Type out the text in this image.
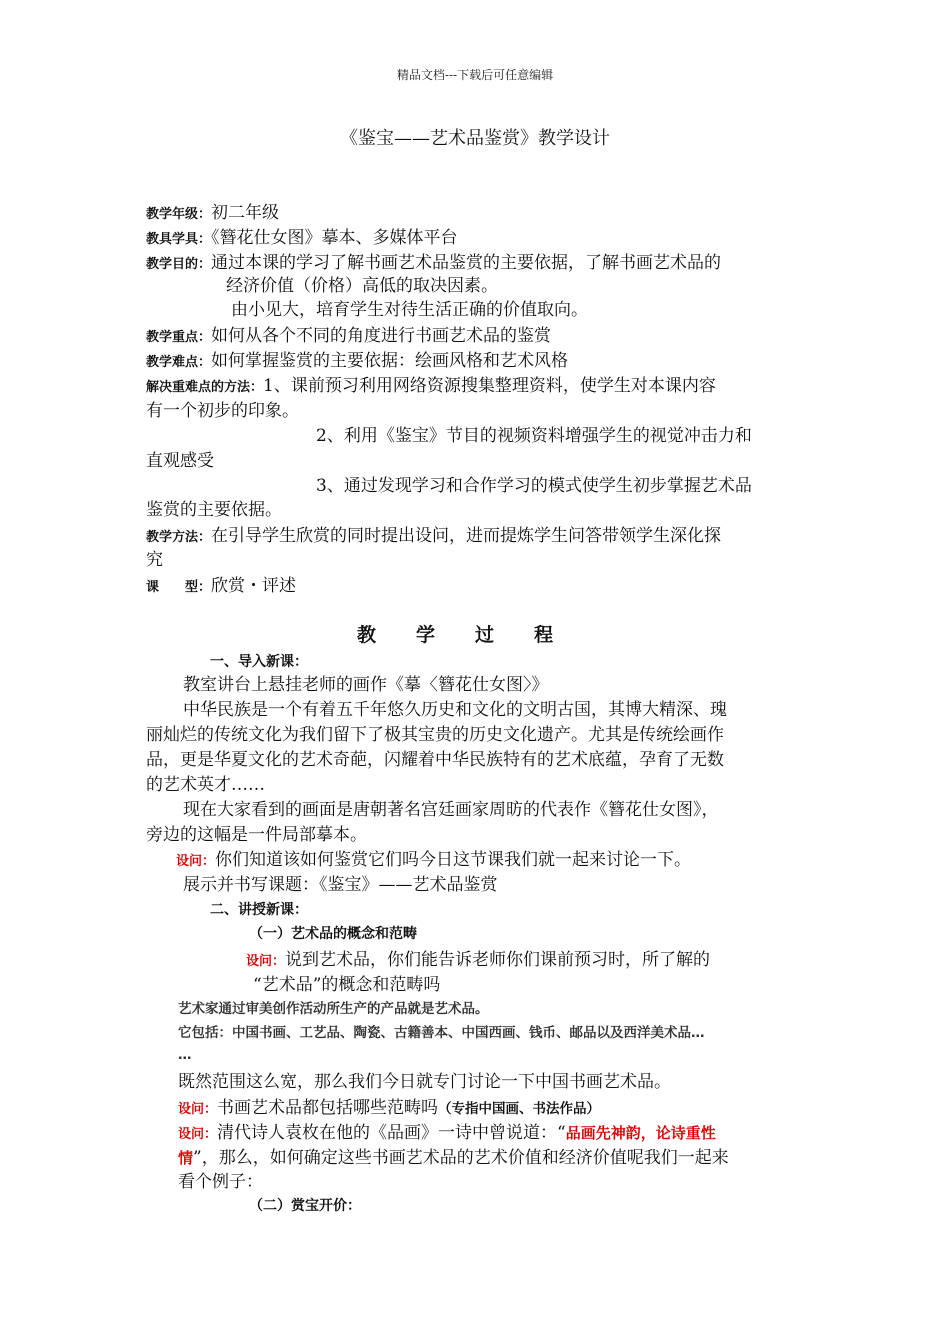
精品文档---下载后可任意编辑
《鉴宝——艺术品鉴赏》教学设计
教学年级：初二年级
教具学具：《簪花仕女图》摹本、多媒体平台
教学目的：通过本课的学习了解书画艺术品鉴赏的主要依据，了解书画艺术品的
经济价值（价格）高低的取决因素。
由小见大，培育学生对待生活正确的价值取向。
教学重点：如何从各个不同的角度进行书画艺术品的鉴赏
教学难点：如何掌握鉴赏的主要依据：绘画风格和艺术风格
解决重难点的方法：1、课前预习利用网络资源搜集整理资料，使学生对本课内容
有一个初步的印象。
2、利用《鉴宝》节目的视频资料增强学生的视觉冲击力和
直观感受
3、通过发现学习和合作学习的模式使学生初步掌握艺术品
鉴赏的主要依据。
教学方法：在引导学生欣赏的同时提出设问，进而提炼学生问答带领学生深化探
究
课　　型：欣赏・评述
教学过程
一、导入新课：
教室讲台上悬挂老师的画作《摹〈簪花仕女图〉》
中华民族是一个有着五千年悠久历史和文化的文明古国，其博大精深、瑰
丽灿烂的传统文化为我们留下了极其宝贵的历史文化遗产。尤其是传统绘画作
品，更是华夏文化的艺术奇葩，闪耀着中华民族特有的艺术底蕴，孕育了无数
的艺术英才……
现在大家看到的画面是唐朝著名宫廷画家周昉的代表作《簪花仕女图》，
旁边的这幅是一件局部摹本。
设问：你们知道该如何鉴赏它们吗今日这节课我们就一起来讨论一下。
展示并书写课题：《鉴宝》——艺术品鉴赏
二、讲授新课：
（一）艺术品的概念和范畴
设问：说到艺术品，你们能告诉老师你们课前预习时，所了解的
“艺术品”的概念和范畴吗
艺术家通过审美创作活动所生产的产品就是艺术品。
它包括：中国书画、工艺品、陶瓷、古籍善本、中国西画、钱币、邮品以及西洋美术品…
…
既然范围这么宽，那么我们今日就专门讨论一下中国书画艺术品。
设问：书画艺术品都包括哪些范畴吗（专指中国画、书法作品）
设问：清代诗人袁枚在他的《品画》一诗中曾说道：“品画先神韵，论诗重性
情”，那么，如何确定这些书画艺术品的艺术价值和经济价值呢我们一起来
看个例子：
（二）赏宝开价：
